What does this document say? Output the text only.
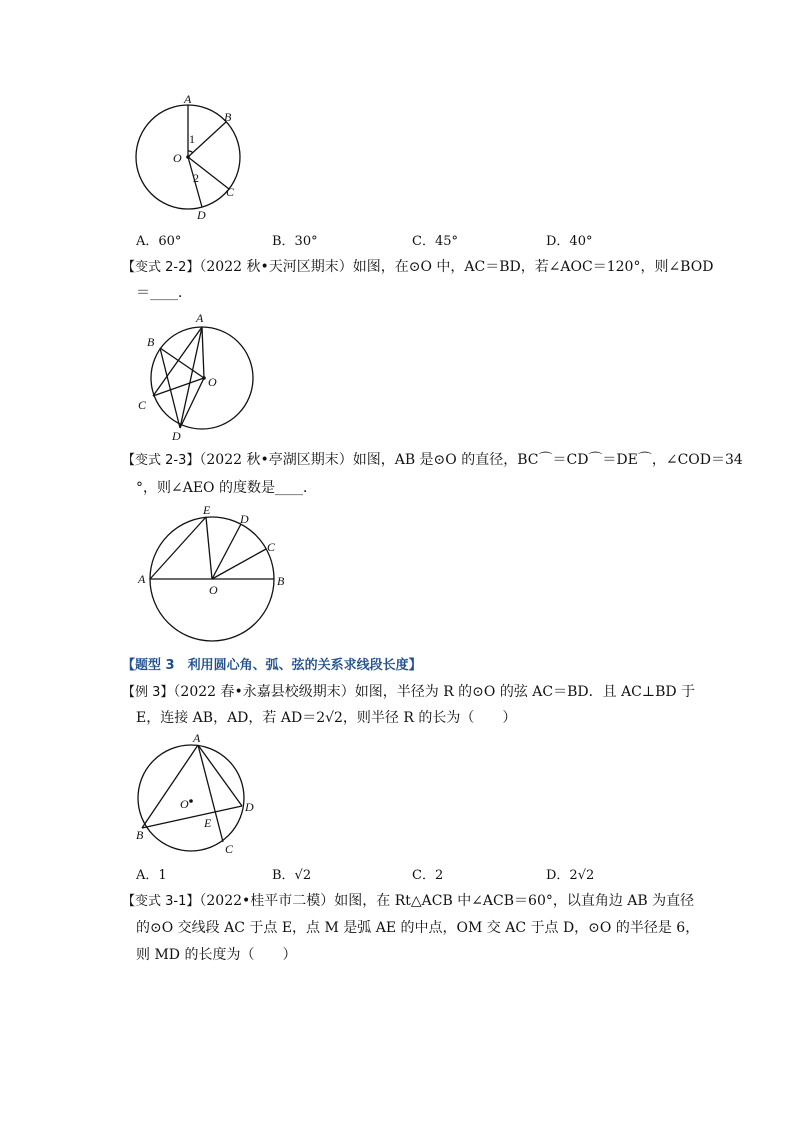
A
B
C
D
O
1
2
A．60°	B．30°	C．45°	D．40°
【变式 2-2】（2022 秋•天河区期末）如图，在⊙O 中，AC＝BD，若∠AOC＝120°，则∠BOD
＝____．
A
B
C
D
O
【变式 2-3】（2022 秋•亭湖区期末）如图，AB 是⊙O 的直径，BC⌒＝CD⌒＝DE⌒，∠COD＝34
°，则∠AEO 的度数是____．
A	B
C
D
E
O
【题型 3　利用圆心角、弧、弦的关系求线段长度】
【例 3】（2022 春•永嘉县校级期末）如图，半径为 R 的⊙O 的弦 AC＝BD．且 AC⊥BD 于
E，连接 AB，AD，若 AD＝2√2，则半径 R 的长为（　　）
A
B
C
D
E
O
A．1	B．√2	C．2	D．2√2
【变式 3-1】（2022•桂平市二模）如图，在 Rt△ACB 中∠ACB＝60°，以直角边 AB 为直径
的⊙O 交线段 AC 于点 E，点 M 是弧 AE 的中点，OM 交 AC 于点 D，⊙O 的半径是 6，
则 MD 的长度为（　　）
